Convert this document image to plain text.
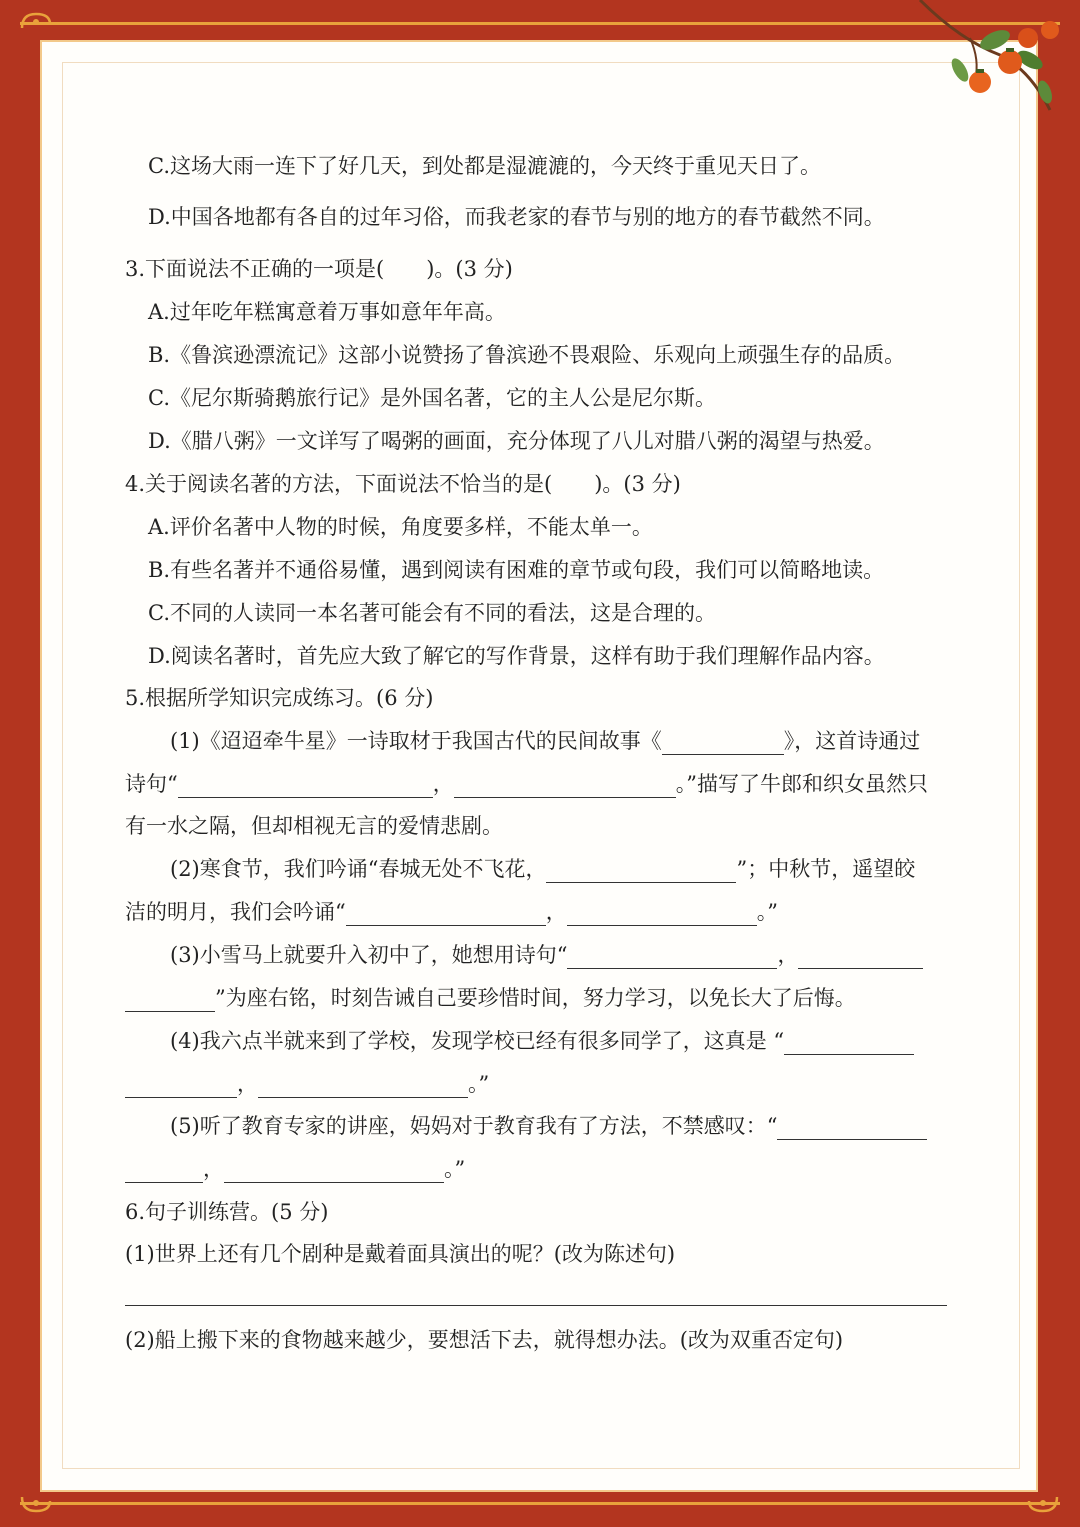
C.这场大雨一连下了好几天，到处都是湿漉漉的，今天终于重见天日了。
D.中国各地都有各自的过年习俗，而我老家的春节与别的地方的春节截然不同。
3.下面说法不正确的一项是(　　)。(3 分)
A.过年吃年糕寓意着万事如意年年高。
B.《鲁滨逊漂流记》这部小说赞扬了鲁滨逊不畏艰险、乐观向上顽强生存的品质。
C.《尼尔斯骑鹅旅行记》是外国名著，它的主人公是尼尔斯。
D.《腊八粥》一文详写了喝粥的画面，充分体现了八儿对腊八粥的渴望与热爱。
4.关于阅读名著的方法，下面说法不恰当的是(　　)。(3 分)
A.评价名著中人物的时候，角度要多样，不能太单一。
B.有些名著并不通俗易懂，遇到阅读有困难的章节或句段，我们可以简略地读。
C.不同的人读同一本名著可能会有不同的看法，这是合理的。
D.阅读名著时，首先应大致了解它的写作背景，这样有助于我们理解作品内容。
5.根据所学知识完成练习。(6 分)
(1)《迢迢牵牛星》一诗取材于我国古代的民间故事《	》，这首诗通过
诗句“	，	。”描写了牛郎和织女虽然只
有一水之隔，但却相视无言的爱情悲剧。
(2)寒食节，我们吟诵“春城无处不飞花，	”；中秋节，遥望皎
洁的明月，我们会吟诵“	，	。”
(3)小雪马上就要升入初中了，她想用诗句“	，
”为座右铭，时刻告诫自己要珍惜时间，努力学习，以免长大了后悔。
(4)我六点半就来到了学校，发现学校已经有很多同学了，这真是 “
，	。”
(5)听了教育专家的讲座，妈妈对于教育我有了方法，不禁感叹：“
，	。”
6.句子训练营。(5 分)
(1)世界上还有几个剧种是戴着面具演出的呢？(改为陈述句)
(2)船上搬下来的食物越来越少，要想活下去，就得想办法。(改为双重否定句)
